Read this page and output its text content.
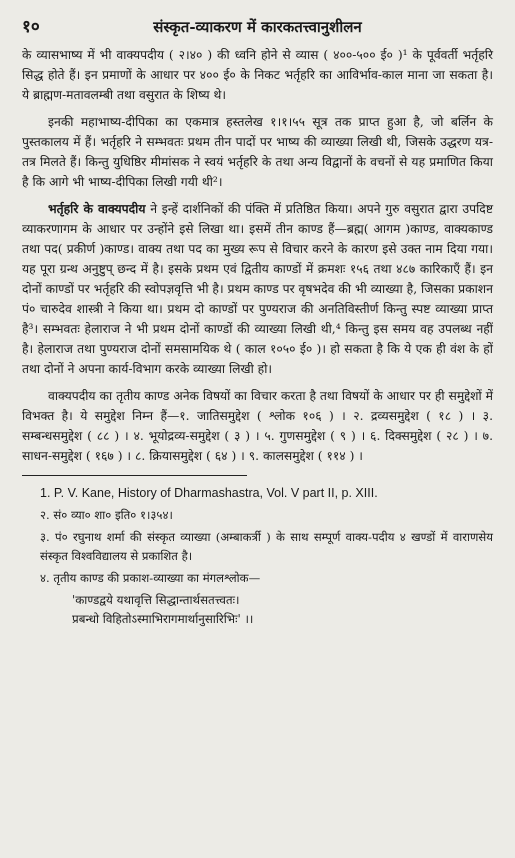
१०	संस्कृत-व्याकरण में कारकतत्त्वानुशीलन

के व्यासभाष्य में भी वाक्यपदीय ( २।४० ) की ध्वनि होने से व्यास ( ४००-५०० ई० )¹ के पूर्ववर्ती भर्तृहरि सिद्ध होते हैं। इन प्रमाणों के आधार पर ४०० ई० के निकट भर्तृहरि का आविर्भाव-काल माना जा सकता है। ये ब्राह्मण-मतावलम्बी तथा वसुरात के शिष्य थे।

इनकी महाभाष्य-दीपिका का एकमात्र हस्तलेख १।१।५५ सूत्र तक प्राप्त हुआ है, जो बर्लिन के पुस्तकालय में हैं। भर्तृहरि ने सम्भवतः प्रथम तीन पादों पर भाष्य की व्याख्या लिखी थी, जिसके उद्धरण यत्र-तत्र मिलते हैं। किन्तु युधिष्ठिर मीमांसक ने स्वयं भर्तृहरि के तथा अन्य विद्वानों के वचनों से यह प्रमाणित किया है कि आगे भी भाष्य-दीपिका लिखी गयी थी²।

भर्तृहरि के वाक्यपदीय ने इन्हें दार्शनिकों की पंक्ति में प्रतिष्ठित किया। अपने गुरु वसुरात द्वारा उपदिष्ट व्याकरणागम के आधार पर उन्होंने इसे लिखा था। इसमें तीन काण्ड हैं—ब्रह्म( आगम )काण्ड, वाक्यकाण्ड तथा पद( प्रकीर्ण )काण्ड। वाक्य तथा पद का मुख्य रूप से विचार करने के कारण इसे उक्त नाम दिया गया। यह पूरा ग्रन्थ अनुष्टुप् छन्द में है। इसके प्रथम एवं द्वितीय काण्डों में क्रमशः १५६ तथा ४८७ कारिकाएँ हैं। इन दोनों काण्डों पर भर्तृहरि की स्वोपज्ञवृत्ति भी है। प्रथम काण्ड पर वृषभदेव की भी व्याख्या है, जिसका प्रकाशन पं० चारुदेव शास्त्री ने किया था। प्रथम दो काण्डों पर पुण्यराज की अनतिविस्तीर्ण किन्तु स्पष्ट व्याख्या प्राप्त है³। सम्भवतः हेलाराज ने भी प्रथम दोनों काण्डों की व्याख्या लिखी थी,⁴ किन्तु इस समय वह उपलब्ध नहीं है। हेलाराज तथा पुण्यराज दोनों समसामयिक थे ( काल १०५० ई० )। हो सकता है कि ये एक ही वंश के हों तथा दोनों ने अपना कार्य-विभाग करके व्याख्या लिखी हो।

वाक्यपदीय का तृतीय काण्ड अनेक विषयों का विचार करता है तथा विषयों के आधार पर ही समुद्देशों में विभक्त है। ये समुद्देश निम्न हैं—१. जातिसमुद्देश ( श्लोक १०६ ) । २. द्रव्यसमुद्देश ( १८ ) । ३. सम्बन्धसमुद्देश ( ८८ ) । ४. भूयोद्रव्य-समुद्देश ( ३ ) । ५. गुणसमुद्देश ( ९ ) । ६. दिक्समुद्देश ( २८ ) । ७. साधन-समुद्देश ( १६७ ) । ८. क्रियासमुद्देश ( ६४ ) । ९. कालसमुद्देश ( ११४ ) ।

1. P. V. Kane, History of Dharmashastra, Vol. V part II, p. XIII.

२. सं० व्या० शा० इति० १।३५४।

३. पं० रघुनाथ शर्मा की संस्कृत व्याख्या (अम्बाकर्त्री ) के साथ सम्पूर्ण वाक्य-पदीय ४ खण्डों में वाराणसेय संस्कृत विश्वविद्यालय से प्रकाशित है।

४. तृतीय काण्ड की प्रकाश-व्याख्या का मंगलश्लोक—

'काण्डद्वये यथावृत्ति सिद्धान्तार्थसतत्त्वतः।

प्रबन्धो विहितोऽस्माभिरागमार्थानुसारिभिः' ।।
